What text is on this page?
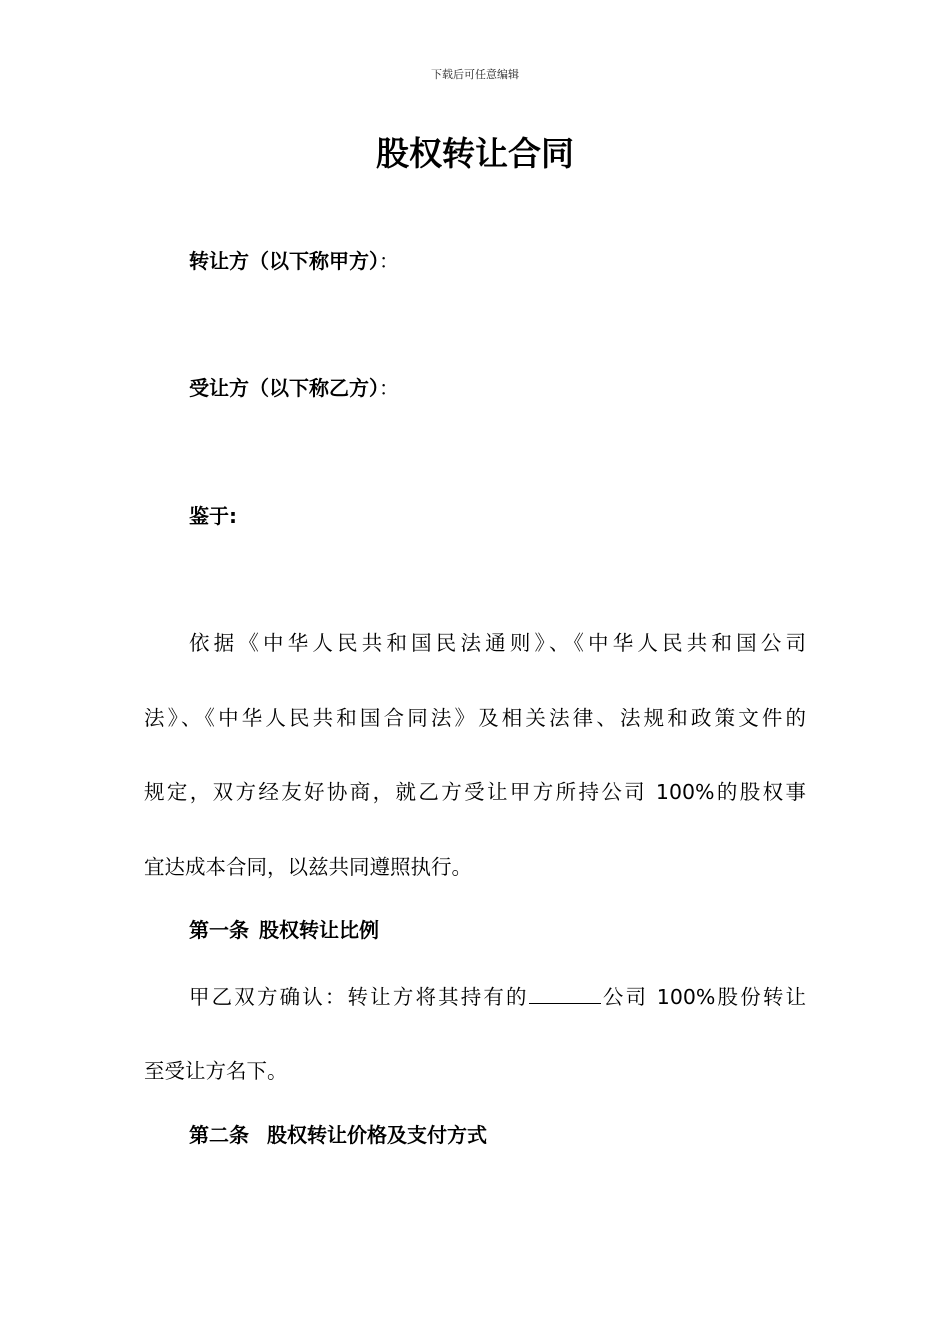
下载后可任意编辑
股权转让合同
转让方（以下称甲方）：
受让方（以下称乙方）：
鉴于:
依据《中华人民共和国民法通则》、《中华人民共和国公司
法》、《中华人民共和国合同法》及相关法律、法规和政策文件的
规定，双方经友好协商，就乙方受让甲方所持公司 100%的股权事
宜达成本合同，以兹共同遵照执行。
第一条 股权转让比例
甲乙双方确认：转让方将其持有的	公司 100%股份转让
至受让方名下。
第二条 股权转让价格及支付方式
